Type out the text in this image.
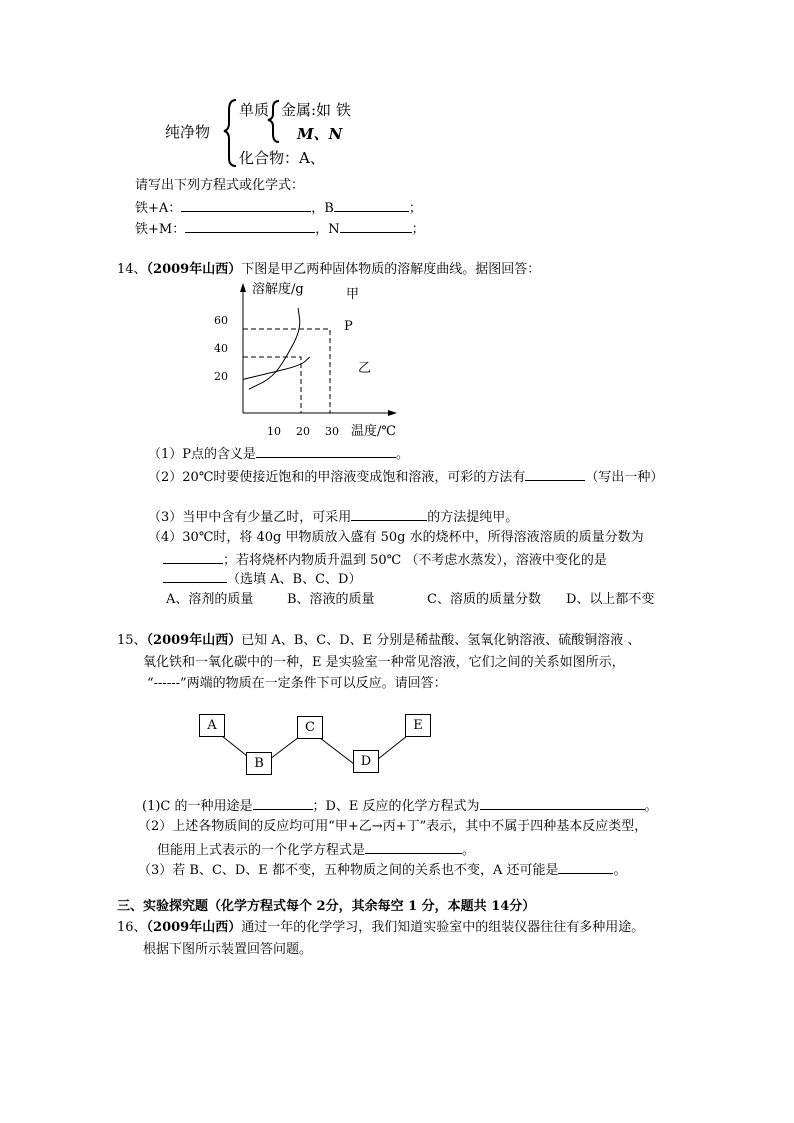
纯净物
单质 金属:如 铁
M、N
化合物：A、
请写出下列方程式或化学式：
铁+A：	，B	；
铁+M：	，N	；
14、（2009年山西）下图是甲乙两种固体物质的溶解度曲线。据图回答：
溶解度/g
温度/℃
甲
P
乙
60
40
20
10 20 30
（1）P点的含义是	。
（2）20℃时要使接近饱和的甲溶液变成饱和溶液，可彩的方法有	（写出一种）
（3）当甲中含有少量乙时，可采用	的方法提纯甲。
（4）30℃时，将 40g 甲物质放入盛有 50g 水的烧杯中，所得溶液溶质的质量分数为
；若将烧杯内物质升温到 50℃ （不考虑水蒸发），溶液中变化的是
（选填 A、B、C、D）
A、溶剂的质量	B、溶液的质量	C、溶质的质量分数 D、以上都不变
15、（2009年山西）已知 A、B、C、D、E 分别是稀盐酸、氢氧化钠溶液、硫酸铜溶液 、
氧化铁和一氧化碳中的一种，E 是实验室一种常见溶液，它们之间的关系如图所示，
“------”两端的物质在一定条件下可以反应。请回答：
A
B
C
D
E
(1)C 的一种用途是	；D、E 反应的化学方程式为	。
（2）上述各物质间的反应均可用“甲+乙→丙+丁”表示，其中不属于四种基本反应类型，
但能用上式表示的一个化学方程式是	。
（3）若 B、C、D、E 都不变，五种物质之间的关系也不变，A 还可能是	。
三、实验探究题（化学方程式每个 2分，其余每空 1 分，本题共 14分）
16、（2009年山西）通过一年的化学学习，我们知道实验室中的组装仪器往往有多种用途。
根据下图所示装置回答问题。
